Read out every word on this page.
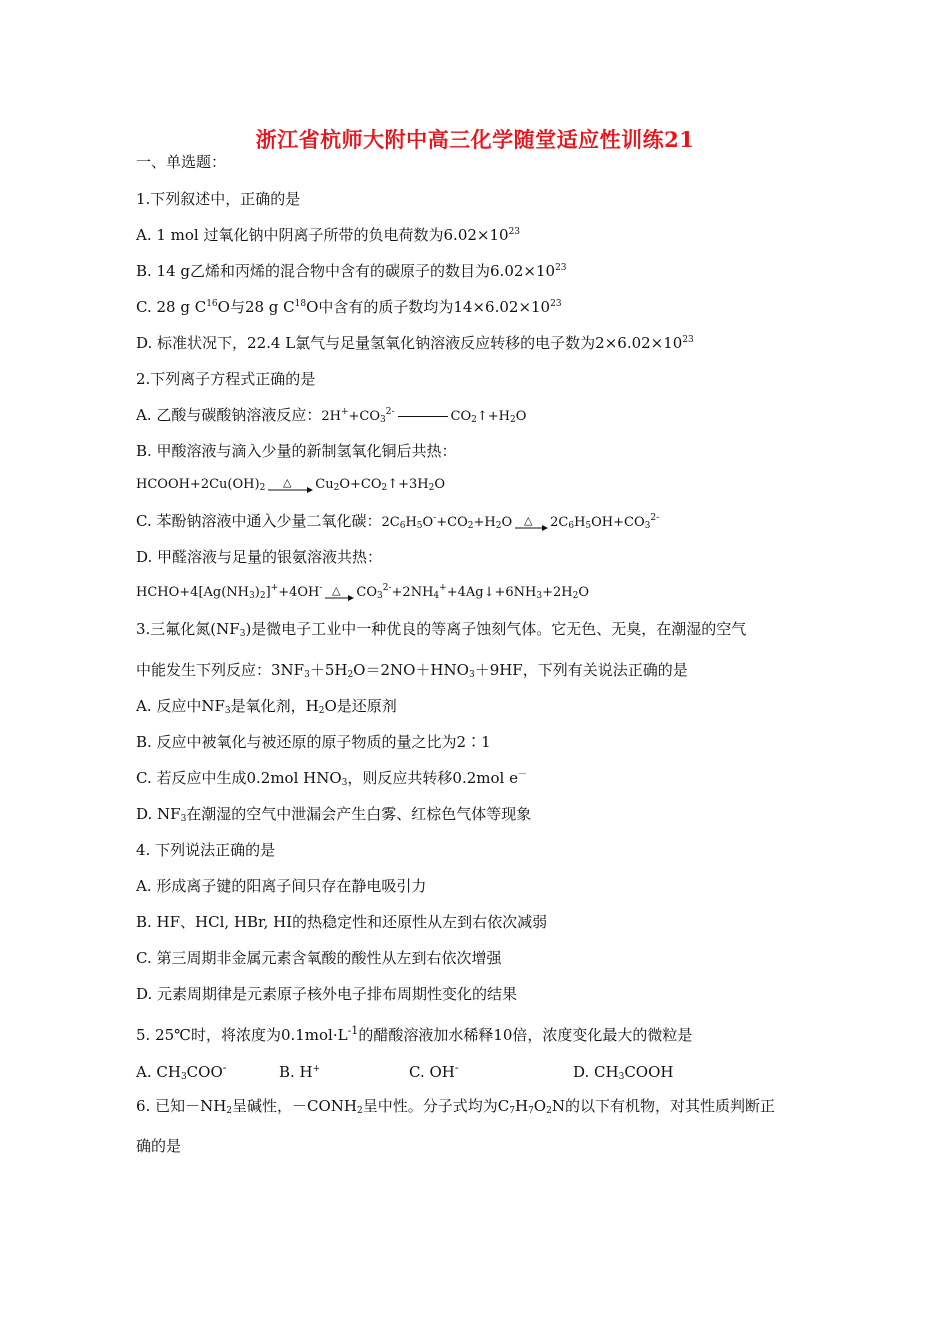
浙江省杭师大附中高三化学随堂适应性训练21
一、单选题：
1.下列叙述中，正确的是
A. 1 mol 过氧化钠中阴离子所带的负电荷数为$6.02\times 10^{23}$
B. 14 g乙烯和丙烯的混合物中含有的碳原子的数目为$6.02\times 10^{23}$
C. 28 g $C^{16}O$与28 g $C^{18}O$中含有的质子数均为$14\times 6.02\times 10^{23}$
D. 标准状况下，22.4 L氯气与足量氢氧化钠溶液反应转移的电子数为$2\times 6.02\times 10^{23}$
2.下列离子方程式正确的是
A. 乙酸与碳酸钠溶液反应：$2H^++CO_3^{2-}$	$CO_2↑+H_2O$
B. 甲酸溶液与滴入少量的新制氢氧化铜后共热：
$HCOOH+2Cu(OH)_2$ △ $Cu_2O+CO_2↑+3H_2O$
C. 苯酚钠溶液中通入少量二氧化碳：$2C_6H_5O^-+CO_2+H_2O$ △ $2C_6H_5OH+CO_3^{2-}$
D. 甲醛溶液与足量的银氨溶液共热：
$HCHO+4[Ag(NH_3)_2]^++4OH^-$ △ $CO_3^{2-}+2NH_4^++4Ag↓+6NH_3+2H_2O$
3.三氟化氮$(NF_3)$是微电子工业中一种优良的等离子蚀刻气体。它无色、无臭，在潮湿的空气
中能发生下列反应：$3NF_3+5H_2O=2NO+HNO_3+9HF$，下列有关说法正确的是
A. 反应中$NF_3$是氧化剂，$H_2O$是还原剂
B. 反应中被氧化与被还原的原子物质的量之比为2∶1
C. 若反应中生成0.2mol $HNO_3$，则反应共转移0.2mol e－
D. $NF_3$在潮湿的空气中泄漏会产生白雾、红棕色气体等现象
4. 下列说法正确的是
A. 形成离子键的阳离子间只存在静电吸引力
B. HF、HCl, HBr, HI的热稳定性和还原性从左到右依次减弱
C. 第三周期非金属元素含氧酸的酸性从左到右依次增强
D. 元素周期律是元素原子核外电子排布周期性变化的结果
5. 25℃时，将浓度为$0.1mol\cdot L^{-1}$的醋酸溶液加水稀释10倍，浓度变化最大的微粒是
A. $CH_3COO^-$	B. H+	C. OH-	D. $CH_3COOH$
6. 已知$-NH_2$呈碱性，$-CONH_2$呈中性。分子式均为$C_7H_7O_2N$的以下有机物，对其性质判断正
确的是
